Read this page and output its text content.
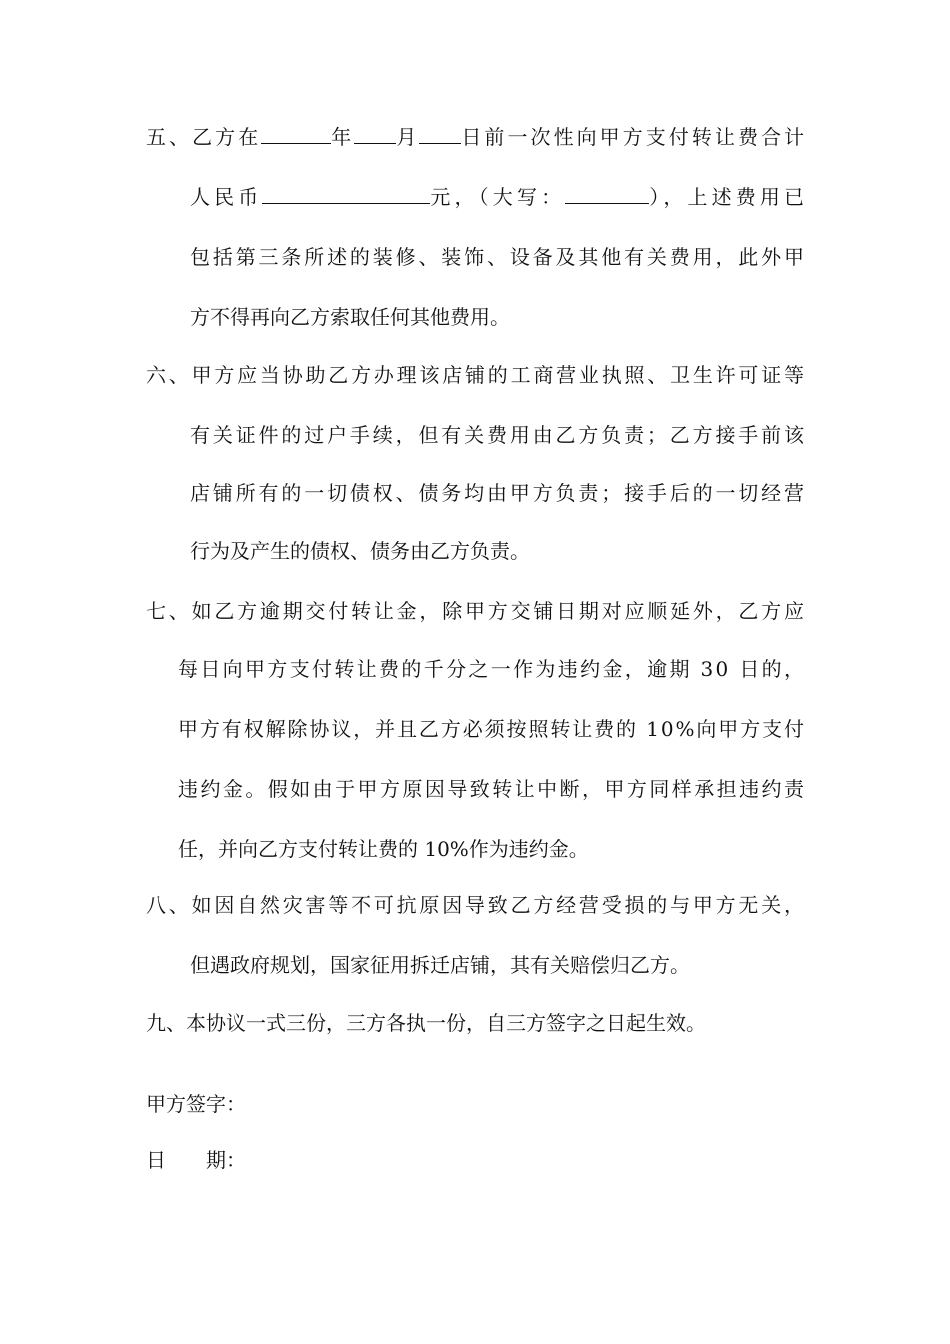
五、乙方在	年 月 日前一次性向甲方支付转让费合计
人民币	元，（大写：	），上述费用已
包括第三条所述的装修、装饰、设备及其他有关费用，此外甲
方不得再向乙方索取任何其他费用。
六、甲方应当协助乙方办理该店铺的工商营业执照、卫生许可证等
有关证件的过户手续，但有关费用由乙方负责；乙方接手前该
店铺所有的一切债权、债务均由甲方负责；接手后的一切经营
行为及产生的债权、债务由乙方负责。
七、如乙方逾期交付转让金，除甲方交铺日期对应顺延外，乙方应
每日向甲方支付转让费的千分之一作为违约金，逾期 30 日的，
甲方有权解除协议，并且乙方必须按照转让费的 10%向甲方支付
违约金。假如由于甲方原因导致转让中断，甲方同样承担违约责
任，并向乙方支付转让费的 10%作为违约金。
八、如因自然灾害等不可抗原因导致乙方经营受损的与甲方无关，
但遇政府规划，国家征用拆迁店铺，其有关赔偿归乙方。
九、本协议一式三份，三方各执一份，自三方签字之日起生效。
甲方签字：
日　　期：
